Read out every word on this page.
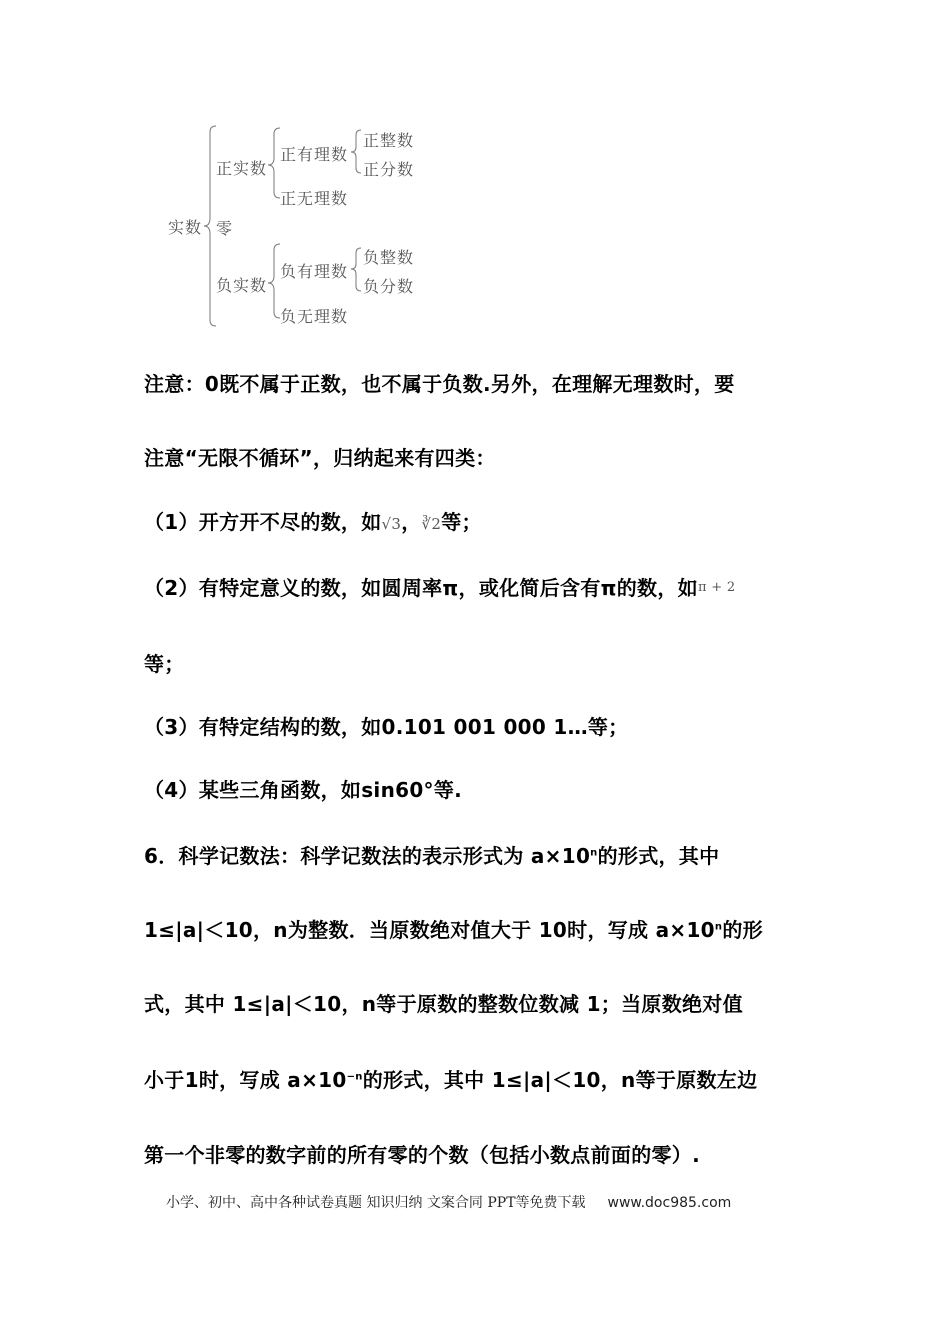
实数
正实数
零
负实数
正有理数
正整数
正分数
正无理数
负有理数
负整数
负分数
负无理数
注意：0既不属于正数，也不属于负数.另外，在理解无理数时，要
注意“无限不循环”，归纳起来有四类：
（1）开方开不尽的数，如√3，∛2等；
（2）有特定意义的数，如圆周率π，或化简后含有π的数，如$^{\pi + 2}$
等；
（3）有特定结构的数，如0.101 001 000 1…等；
（4）某些三角函数，如sin60°等.
6．科学记数法：科学记数法的表示形式为 $a\times 10^n$的形式，其中
1≤|a|＜10，n为整数．当原数绝对值大于 10时，写成 $a\times 10^n$的形
式，其中 1≤|a|＜10，n等于原数的整数位数减 1；当原数绝对值
小于1时，写成 $a\times 10^{-n}$的形式，其中 1≤|a|＜10，n等于原数左边
第一个非零的数字前的所有零的个数（包括小数点前面的零）.
小学、初中、高中各种试卷真题 知识归纳 文案合同 PPT等免费下载 www.doc985.com
